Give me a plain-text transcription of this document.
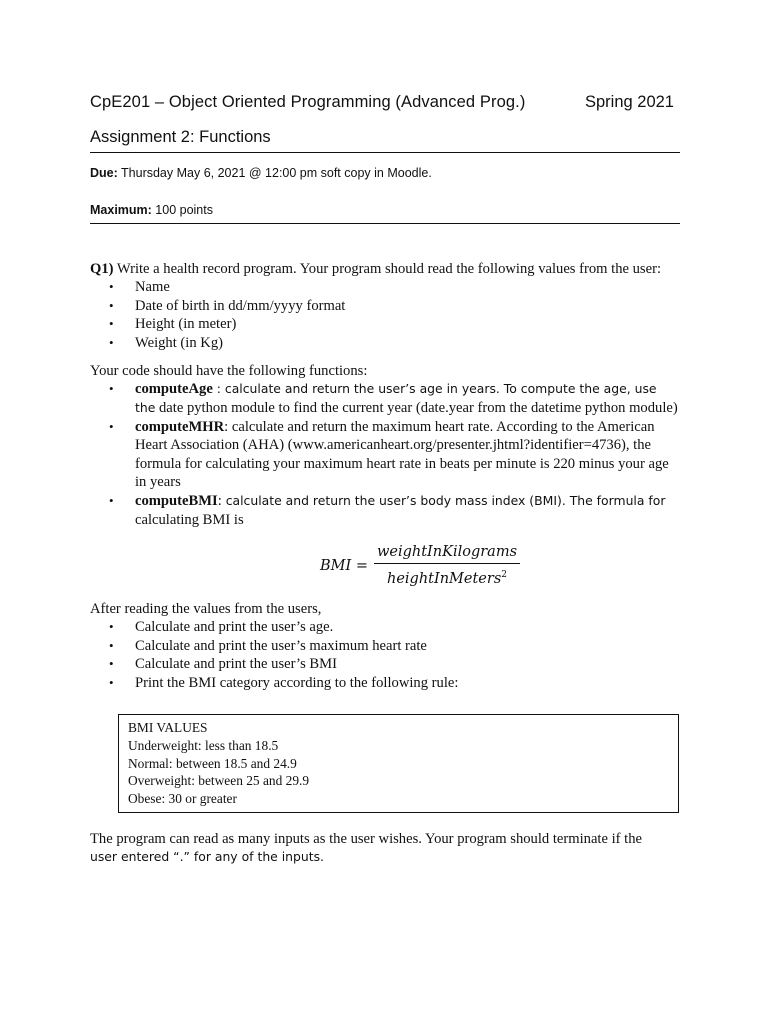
CpE201 – Object Oriented Programming (Advanced Prog.)	Spring 2021
Assignment 2: Functions
Due: Thursday May 6, 2021 @ 12:00 pm soft copy in Moodle.
Maximum: 100 points

Q1) Write a health record program. Your program should read the following values from the user:

• Name
• Date of birth in dd/mm/yyyy format
• Height (in meter)
• Weight (in Kg)

Your code should have the following functions:

• computeAge : calculate and return the user’s age in years. To compute the age, use the date python module to find the current year (date.year from the datetime python module)
• computeMHR: calculate and return the maximum heart rate. According to the American Heart Association (AHA) (www.americanheart.org/presenter.jhtml?identifier=4736), the formula for calculating your maximum heart rate in beats per minute is 220 minus your age in years
• computeBMI: calculate and return the user’s body mass index (BMI). The formula for calculating BMI is
BMI = $\frac{\text{weightInKilograms}}{heightInMeters^2}$

After reading the values from the users,

• Calculate and print the user’s age.
• Calculate and print the user’s maximum heart rate
• Calculate and print the user’s BMI
• Print the BMI category according to the following rule:
BMI VALUES
Underweight: less than 18.5
Normal: between 18.5 and 24.9
Overweight: between 25 and 29.9
Obese: 30 or greater
The program can read as many inputs as the user wishes. Your program should terminate if the
user entered “.” for any of the inputs.
